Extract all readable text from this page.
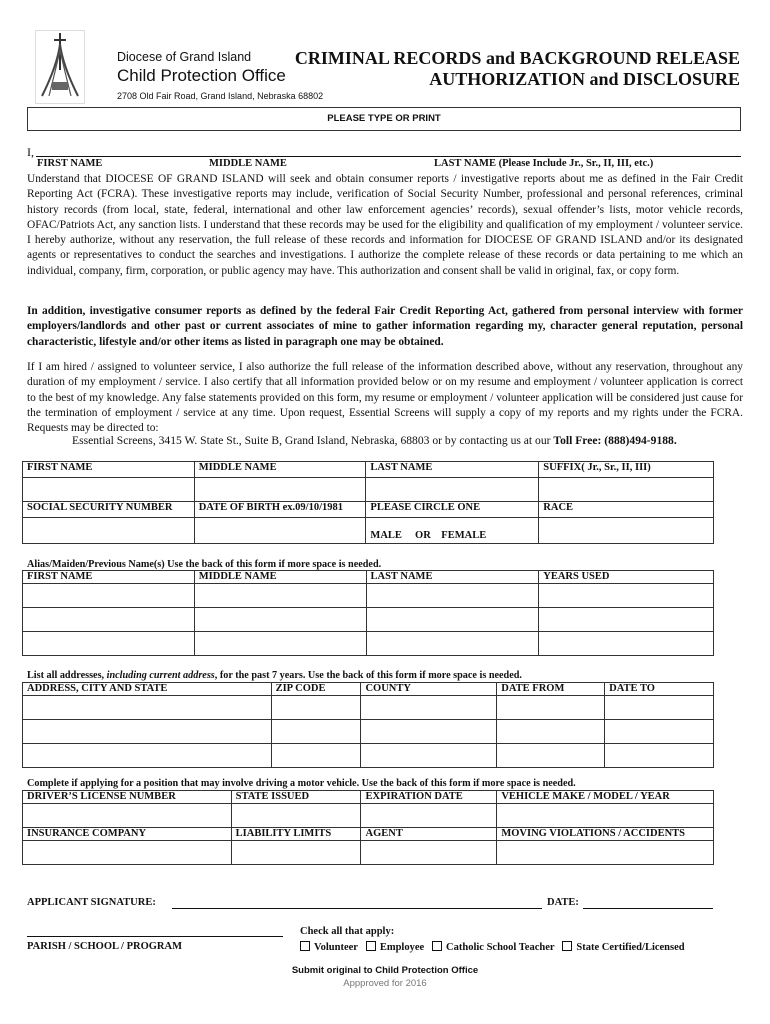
Diocese of Grand Island
Child Protection Office
2708 Old Fair Road, Grand Island, Nebraska 68802
CRIMINAL RECORDS and BACKGROUND RELEASE
AUTHORIZATION and DISCLOSURE
PLEASE TYPE OR PRINT
I,
FIRST NAME	MIDDLE NAME	LAST NAME (Please Include Jr., Sr., II, III, etc.)
Understand that DIOCESE OF GRAND ISLAND will seek and obtain consumer reports / investigative reports about me as defined in the Fair Credit Reporting Act (FCRA). These investigative reports may include, verification of Social Security Number, professional and personal references, criminal history records (from local, state, federal, international and other law enforcement agencies’ records), sexual offender’s lists, motor vehicle records, OFAC/Patriots Act, any sanction lists. I understand that these records may be used for the eligibility and qualification of my employment / volunteer service. I hereby authorize, without any reservation, the full release of these records and information for DIOCESE OF GRAND ISLAND and/or its designated agents or representatives to conduct the searches and investigations. I authorize the complete release of these records or data pertaining to me which an individual, company, firm, corporation, or public agency may have. This authorization and consent shall be valid in original, fax, or copy form.
In addition, investigative consumer reports as defined by the federal Fair Credit Reporting Act, gathered from personal interview with former employers/landlords and other past or current associates of mine to gather information regarding my, character general reputation, personal characteristic, lifestyle and/or other items as listed in paragraph one may be obtained.
If I am hired / assigned to volunteer service, I also authorize the full release of the information described above, without any reservation, throughout any duration of my employment / service. I also certify that all information provided below or on my resume and employment / volunteer application is correct to the best of my knowledge. Any false statements provided on this form, my resume or employment / volunteer application will be considered just cause for the termination of employment / service at any time. Upon request, Essential Screens will supply a copy of my reports and my rights under the FCRA. Requests may be directed to:
Essential Screens, 3415 W. State St., Suite B, Grand Island, Nebraska, 68803 or by contacting us at our Toll Free: (888)494-9188.
FIRST NAME	MIDDLE NAME	LAST NAME	SUFFIX( Jr., Sr., II, III)

SOCIAL SECURITY NUMBER	DATE OF BIRTH ex.09/10/1981	PLEASE CIRCLE ONE	RACE
		MALE     OR    FEMALE	
Alias/Maiden/Previous Name(s) Use the back of this form if more space is needed.
FIRST NAME	MIDDLE NAME	LAST NAME	YEARS USED

List all addresses, including current address, for the past 7 years. Use the back of this form if more space is needed.
ADDRESS, CITY AND STATE	ZIP CODE	COUNTY	DATE FROM	DATE TO

Complete if applying for a position that may involve driving a motor vehicle. Use the back of this form if more space is needed.
DRIVER’S LICENSE NUMBER	STATE ISSUED	EXPIRATION DATE	VEHICLE MAKE / MODEL / YEAR

INSURANCE COMPANY	LIABILITY LIMITS	AGENT	MOVING VIOLATIONS / ACCIDENTS

APPLICANT SIGNATURE:	DATE:
PARISH / SCHOOL / PROGRAM
Check all that apply:
Volunteer Employee Catholic School Teacher State Certified/Licensed
Submit original to Child Protection Office
Appproved for 2016
